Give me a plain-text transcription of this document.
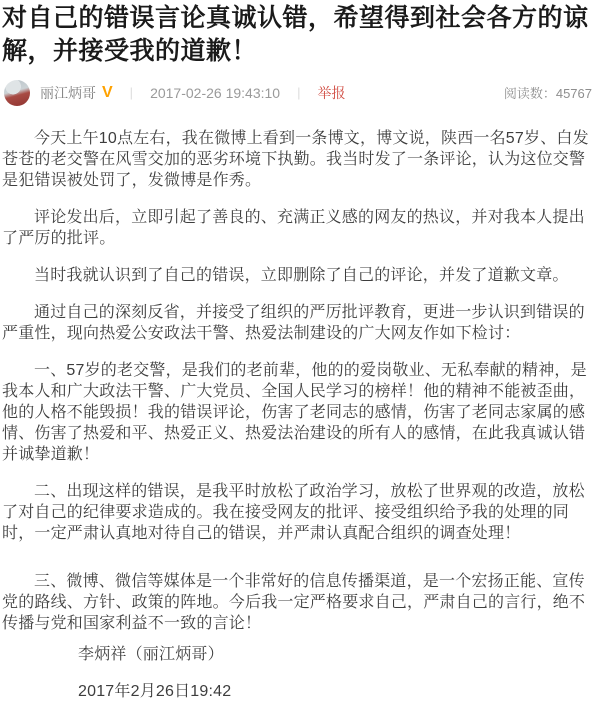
对自己的错误言论真诚认错，希望得到社会各方的谅解，并接受我的道歉！
丽江炳哥 V | 2017-02-26 19:43:10 | 举报	阅读数：45767

今天上午10点左右，我在微博上看到一条博文，博文说，陕西一名57岁、白发苍苍的老交警在风雪交加的恶劣环境下执勤。我当时发了一条评论，认为这位交警是犯错误被处罚了，发微博是作秀。

评论发出后，立即引起了善良的、充满正义感的网友的热议，并对我本人提出了严厉的批评。

当时我就认识到了自己的错误，立即删除了自己的评论，并发了道歉文章。

通过自己的深刻反省，并接受了组织的严厉批评教育，更进一步认识到错误的严重性，现向热爱公安政法干警、热爱法制建设的广大网友作如下检讨：

一、57岁的老交警，是我们的老前辈，他的的爱岗敬业、无私奉献的精神，是我本人和广大政法干警、广大党员、全国人民学习的榜样！他的精神不能被歪曲，他的人格不能毁损！我的错误评论，伤害了老同志的感情，伤害了老同志家属的感情、伤害了热爱和平、热爱正义、热爱法治建设的所有人的感情，在此我真诚认错并诚挚道歉！

二、出现这样的错误，是我平时放松了政治学习，放松了世界观的改造，放松了对自己的纪律要求造成的。我在接受网友的批评、接受组织给予我的处理的同时，一定严肃认真地对待自己的错误，并严肃认真配合组织的调查处理！

三、微博、微信等媒体是一个非常好的信息传播渠道，是一个宏扬正能、宣传党的路线、方针、政策的阵地。今后我一定严格要求自己，严肃自己的言行，绝不传播与党和国家利益不一致的言论！

李炳祥（丽江炳哥）

2017年2月26日19:42
